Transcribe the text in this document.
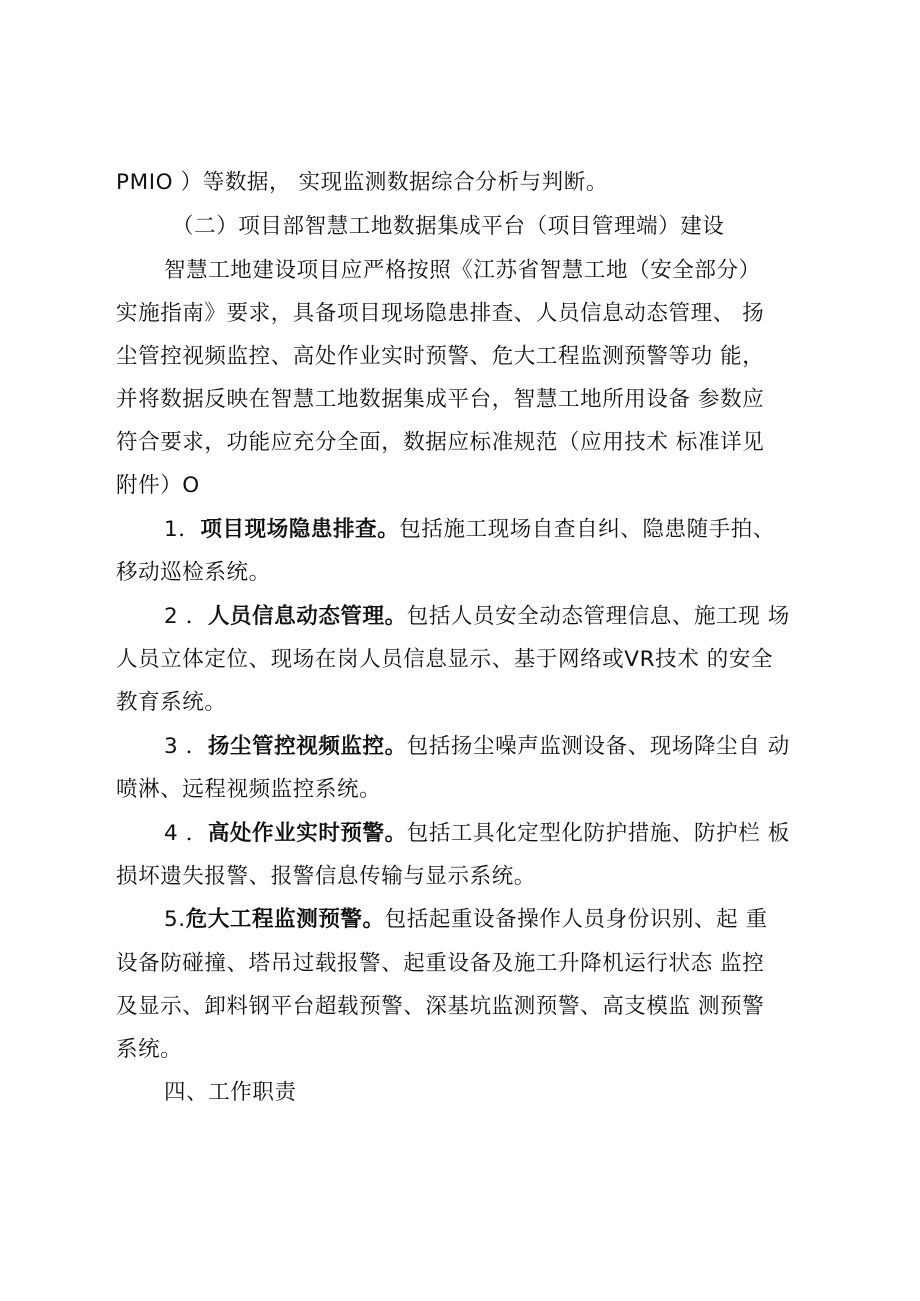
PMIO ）等数据， 实现监测数据综合分析与判断。
（二）项目部智慧工地数据集成平台（项目管理端）建设
智慧工地建设项目应严格按照《江苏省智慧工地（安全部分）
实施指南》要求，具备项目现场隐患排查、人员信息动态管理、 扬
尘管控视频监控、高处作业实时预警、危大工程监测预警等功 能，
并将数据反映在智慧工地数据集成平台，智慧工地所用设备 参数应
符合要求，功能应充分全面，数据应标准规范（应用技术 标准详见
附件）O
1．项目现场隐患排查。包括施工现场自查自纠、隐患随手拍、
移动巡检系统。
2 ．人员信息动态管理。包括人员安全动态管理信息、施工现 场
人员立体定位、现场在岗人员信息显示、基于网络或VR技术 的安全
教育系统。
3 ．扬尘管控视频监控。包括扬尘噪声监测设备、现场降尘自 动
喷淋、远程视频监控系统。
4 ．高处作业实时预警。包括工具化定型化防护措施、防护栏 板
损坏遗失报警、报警信息传输与显示系统。
5.危大工程监测预警。包括起重设备操作人员身份识别、起 重
设备防碰撞、塔吊过载报警、起重设备及施工升降机运行状态 监控
及显示、卸料钢平台超载预警、深基坑监测预警、高支模监 测预警
系统。
四、工作职责
